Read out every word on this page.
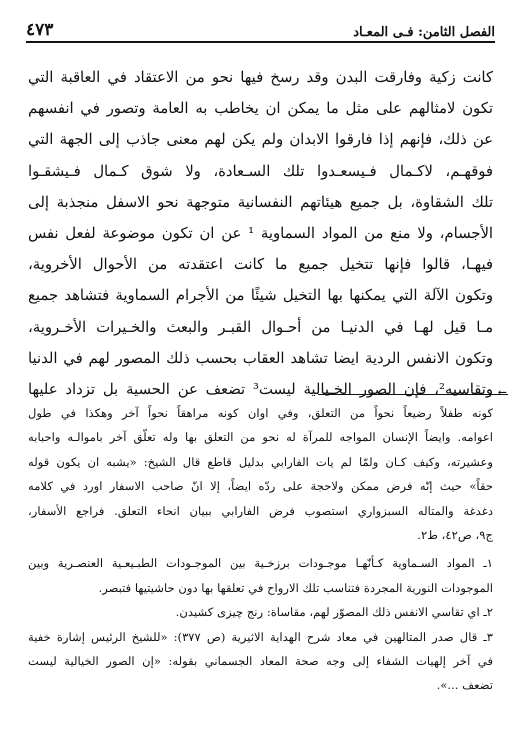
الفصل الثامن: فـى المعـاد
٤٧٣
كانت زكية وفارقت البدن وقد رسخ فيها نحو من الاعتقاد في العاقبة التي
تكون لامثالهم على مثل ما يمكن ان يخاطب به العامة وتصور في انفسهم
عن ذلك، فإنهم إذا فارقوا الابدان ولم يكن لهم معنى جاذب إلى الجهة التي
فوقهـم، لاكـمال فـيسعـدوا تلك السـعادة، ولا شوق كـمال فـيشقـوا
تلك الشقاوة، بل جميع هيئاتهم النفسانية متوجهة نحو الاسفل منجذبة إلى
الأجسام، ولا منع من المواد السماوية ¹ عن ان تكون موضوعة لفعل نفس
فيهـا، قالوا فإنها تتخيل جميع ما كانت اعتقدته من الأحوال الأخروية،
وتكون الآلة التي يمكنها بها التخيل شيئًا من الأجرام السماوية فتشاهد جميع
مـا قيل لهـا في الدنيـا من أحـوال القبـر والبعث والخـيرات الأخـروية،
وتكون الانفس الردية ايضا تشاهد العقاب بحسب ذلك المصور لهم في الدنيا
وتقاسيه²، فإن الصور الخـيالية ليست³ تضعف عن الحسية بل تزداد عليها ←
كونه طفلاً رضيعاً نحواً من التعلق، وفي اوان كونه مراهقاً نحواً آخر وهكذا في طول
اعوامه. وايضاً الإنسان المواجه للمرآة له نحو من التعلق بها وله تعلّق آخر باموالـه واحبابه
وعشيرته، وكيف كـان ولمّا لم يات الفارابي بدليل قاطع قال الشيخ: «يشبه ان يكون قوله
حقاً» حيث إنّه فرض ممكن ولاحجة على ردّه ايضاً، إلا انّ صاحب الاسفار اورد في كلامه
دغدغة والمتاله السبزواري استصوب فرض الفارابي ببيان انحاء التعلق. فراجع الأسفار،
ج٩، ص٤٢، ط٢.
١ـ المواد السـماوية كـأنّهـا موجـودات برزخـية بين الموجـودات الطبـيعـية العنصـرية وبين
الموجودات النورية المجردة فتناسب تلك الارواح في تعلقها بها دون حاشيتيها فتبصر.
٢ـ اي تقاسي الانفس ذلك المصوّر لهم، مقاساة: رنج چيزى كشيدن.
٣ـ قال صدر المتالهين في معاد شرح الهداية الاثيرية (ص ٣٧٧): «للشيخ الرئيس إشارة خفية
في آخر إلهيات الشفاء إلى وجه صحة المعاد الجسماني بقوله: «إن الصور الخيالية ليست
تضعف ...».
